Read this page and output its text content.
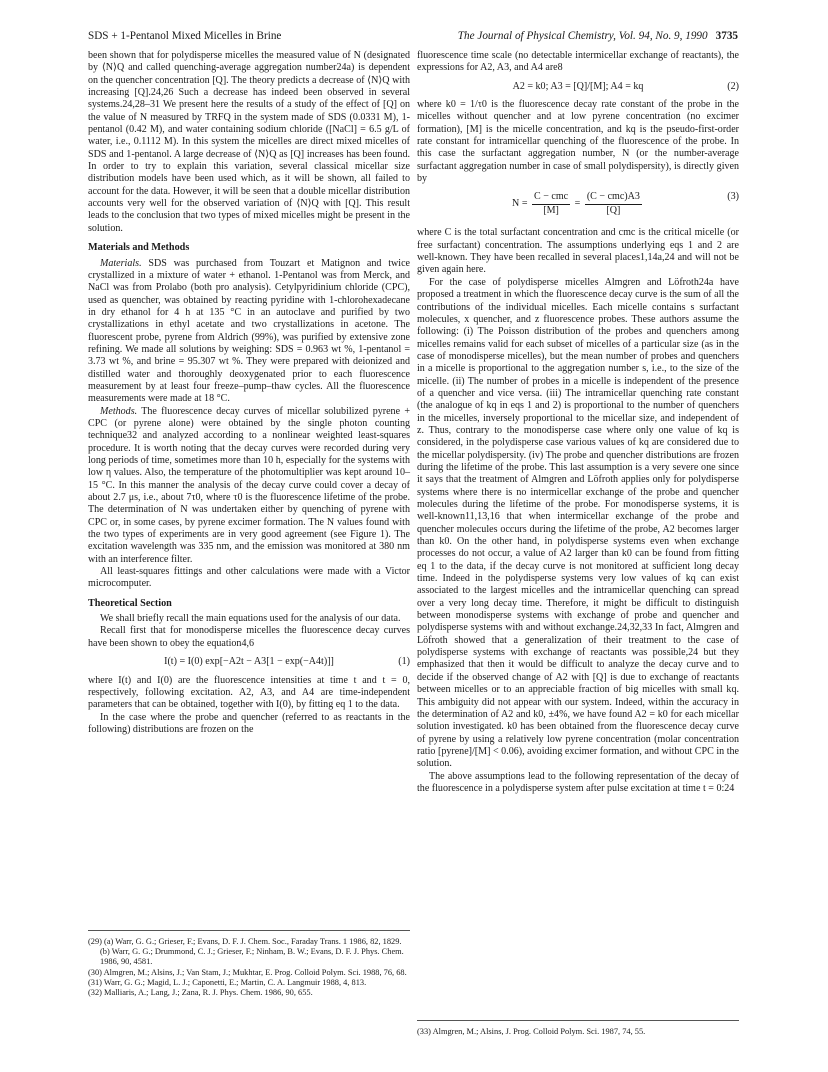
SDS + 1-Pentanol Mixed Micelles in Brine	The Journal of Physical Chemistry, Vol. 94, No. 9, 1990 3735

been shown that for polydisperse micelles the measured value of N (designated by ⟨N⟩Q and called quenching-average aggregation number24a) is dependent on the quencher concentration [Q]. The theory predicts a decrease of ⟨N⟩Q with increasing [Q].24,26 Such a decrease has indeed been observed in several systems.24,28–31 We present here the results of a study of the effect of [Q] on the value of N measured by TRFQ in the system made of SDS (0.0331 M), 1-pentanol (0.42 M), and water containing sodium chloride ([NaCl] = 6.5 g/L of water, i.e., 0.1112 M). In this system the micelles are direct mixed micelles of SDS and 1-pentanol. A large decrease of ⟨N⟩Q as [Q] increases has been found. In order to try to explain this variation, several classical micellar size distribution models have been used which, as it will be shown, all failed to account for the data. However, it will be seen that a double micellar distribution accounts very well for the observed variation of ⟨N⟩Q with [Q]. This result leads to the conclusion that two types of mixed micelles might be present in the solution.

Materials and Methods

Materials. SDS was purchased from Touzart et Matignon and twice crystallized in a mixture of water + ethanol. 1-Pentanol was from Merck, and NaCl was from Prolabo (both pro analysis). Cetylpyridinium chloride (CPC), used as quencher, was obtained by reacting pyridine with 1-chlorohexadecane in dry ethanol for 4 h at 135 °C in an autoclave and purified by two crystallizations in ethyl acetate and two crystallizations in acetone. The fluorescent probe, pyrene from Aldrich (99%), was purified by extensive zone refining. We made all solutions by weighing: SDS = 0.963 wt %, 1-pentanol = 3.73 wt %, and brine = 95.307 wt %. They were prepared with deionized and distilled water and thoroughly deoxygenated prior to each fluorescence measurement by at least four freeze–pump–thaw cycles. All the fluorescence measurements were made at 18 °C.

Methods. The fluorescence decay curves of micellar solubilized pyrene + CPC (or pyrene alone) were obtained by the single photon counting technique32 and analyzed according to a nonlinear weighted least-squares procedure. It is worth noting that the decay curves were recorded during very long periods of time, sometimes more than 10 h, especially for the systems with low η values. Also, the temperature of the photomultiplier was kept around 10–15 °C. In this manner the analysis of the decay curve could cover a decay of about 2.7 μs, i.e., about 7τ0, where τ0 is the fluorescence lifetime of the probe. The determination of N was undertaken either by quenching of pyrene with CPC or, in some cases, by pyrene excimer formation. The N values found with the two types of experiments are in very good agreement (see Figure 1). The excitation wavelength was 335 nm, and the emission was monitored at 380 nm with an interference filter.

All least-squares fittings and other calculations were made with a Victor microcomputer.

Theoretical Section

We shall briefly recall the main equations used for the analysis of our data.

Recall first that for monodisperse micelles the fluorescence decay curves have been shown to obey the equation4,6

I(t) = I(0) exp[−A2t − A3[1 − exp(−A4t)]]	(1)

where I(t) and I(0) are the fluorescence intensities at time t and t = 0, respectively, following excitation. A2, A3, and A4 are time-independent parameters that can be obtained, together with I(0), by fitting eq 1 to the data.

In the case where the probe and quencher (referred to as reactants in the following) distributions are frozen on the

(29) (a) Warr, G. G.; Grieser, F.; Evans, D. F. J. Chem. Soc., Faraday Trans. 1 1986, 82, 1829. (b) Warr, G. G.; Drummond, C. J.; Grieser, F.; Ninham, B. W.; Evans, D. F. J. Phys. Chem. 1986, 90, 4581.

(30) Almgren, M.; Alsins, J.; Van Stam, J.; Mukhtar, E. Prog. Colloid Polym. Sci. 1988, 76, 68.

(31) Warr, G. G.; Magid, L. J.; Caponetti, E.; Martin, C. A. Langmuir 1988, 4, 813.

(32) Malliaris, A.; Lang, J.; Zana, R. J. Phys. Chem. 1986, 90, 655.

fluorescence time scale (no detectable intermicellar exchange of reactants), the expressions for A2, A3, and A4 are8

A2 = k0; A3 = [Q]/[M]; A4 = kq	(2)

where k0 = 1/τ0 is the fluorescence decay rate constant of the probe in the micelles without quencher and at low pyrene concentration (no excimer formation), [M] is the micelle concentration, and kq is the pseudo-first-order rate constant for intramicellar quenching of the fluorescence of the probe. In this case the surfactant aggregation number, N (or the number-average surfactant aggregation number in case of small polydispersity), is directly given by

N =
C − cmc
[M]
=
(C − cmc)A3
[Q]
(3)

where C is the total surfactant concentration and cmc is the critical micelle (or free surfactant) concentration. The assumptions underlying eqs 1 and 2 are well-known. They have been recalled in several places1,14a,24 and will not be given again here.

For the case of polydisperse micelles Almgren and Löfroth24a have proposed a treatment in which the fluorescence decay curve is the sum of all the contributions of the individual micelles. Each micelle contains s surfactant molecules, x quencher, and z fluorescence probes. These authors assume the following: (i) The Poisson distribution of the probes and quenchers among micelles remains valid for each subset of micelles of a particular size (as in the case of monodisperse micelles), but the mean number of probes and quenchers in a micelle is proportional to the aggregation number s, i.e., to the size of the micelle. (ii) The number of probes in a micelle is independent of the presence of a quencher and vice versa. (iii) The intramicellar quenching rate constant (the analogue of kq in eqs 1 and 2) is proportional to the number of quenchers in the micelles, inversely proportional to the micellar size, and independent of z. Thus, contrary to the monodisperse case where only one value of kq is considered, in the polydisperse case various values of kq are considered due to the micellar polydispersity. (iv) The probe and quencher distributions are frozen during the lifetime of the probe. This last assumption is a very severe one since it says that the treatment of Almgren and Löfroth applies only for polydisperse systems where there is no intermicellar exchange of the probe and quencher molecules during the lifetime of the probe. For monodisperse systems, it is well-known11,13,16 that when intermicellar exchange of the probe and quencher molecules occurs during the lifetime of the probe, A2 becomes larger than k0. On the other hand, in polydisperse systems even when exchange processes do not occur, a value of A2 larger than k0 can be found from fitting eq 1 to the data, if the decay curve is not monitored at sufficient long decay time. Indeed in the polydisperse systems very low values of kq can exist associated to the largest micelles and the intramicellar quenching can spread over a very long decay time. Therefore, it might be difficult to distinguish between monodisperse systems with exchange of probe and quencher and polydisperse systems with and without exchange.24,32,33 In fact, Almgren and Löfroth showed that a generalization of their treatment to the case of polydisperse systems with exchange of reactants was possible,24 but they emphasized that then it would be difficult to analyze the decay curve and to decide if the observed change of A2 with [Q] is due to exchange of reactants between micelles or to an appreciable fraction of big micelles with small kq. This ambiguity did not appear with our system. Indeed, within the accuracy in the determination of A2 and k0, ±4%, we have found A2 = k0 for each micellar solution investigated. k0 has been obtained from the fluorescence decay curve of pyrene by using a relatively low pyrene concentration (molar concentration ratio [pyrene]/[M] < 0.06), avoiding excimer formation, and without CPC in the solution.

The above assumptions lead to the following representation of the decay of the fluorescence in a polydisperse system after pulse excitation at time t = 0:24

(33) Almgren, M.; Alsins, J. Prog. Colloid Polym. Sci. 1987, 74, 55.
